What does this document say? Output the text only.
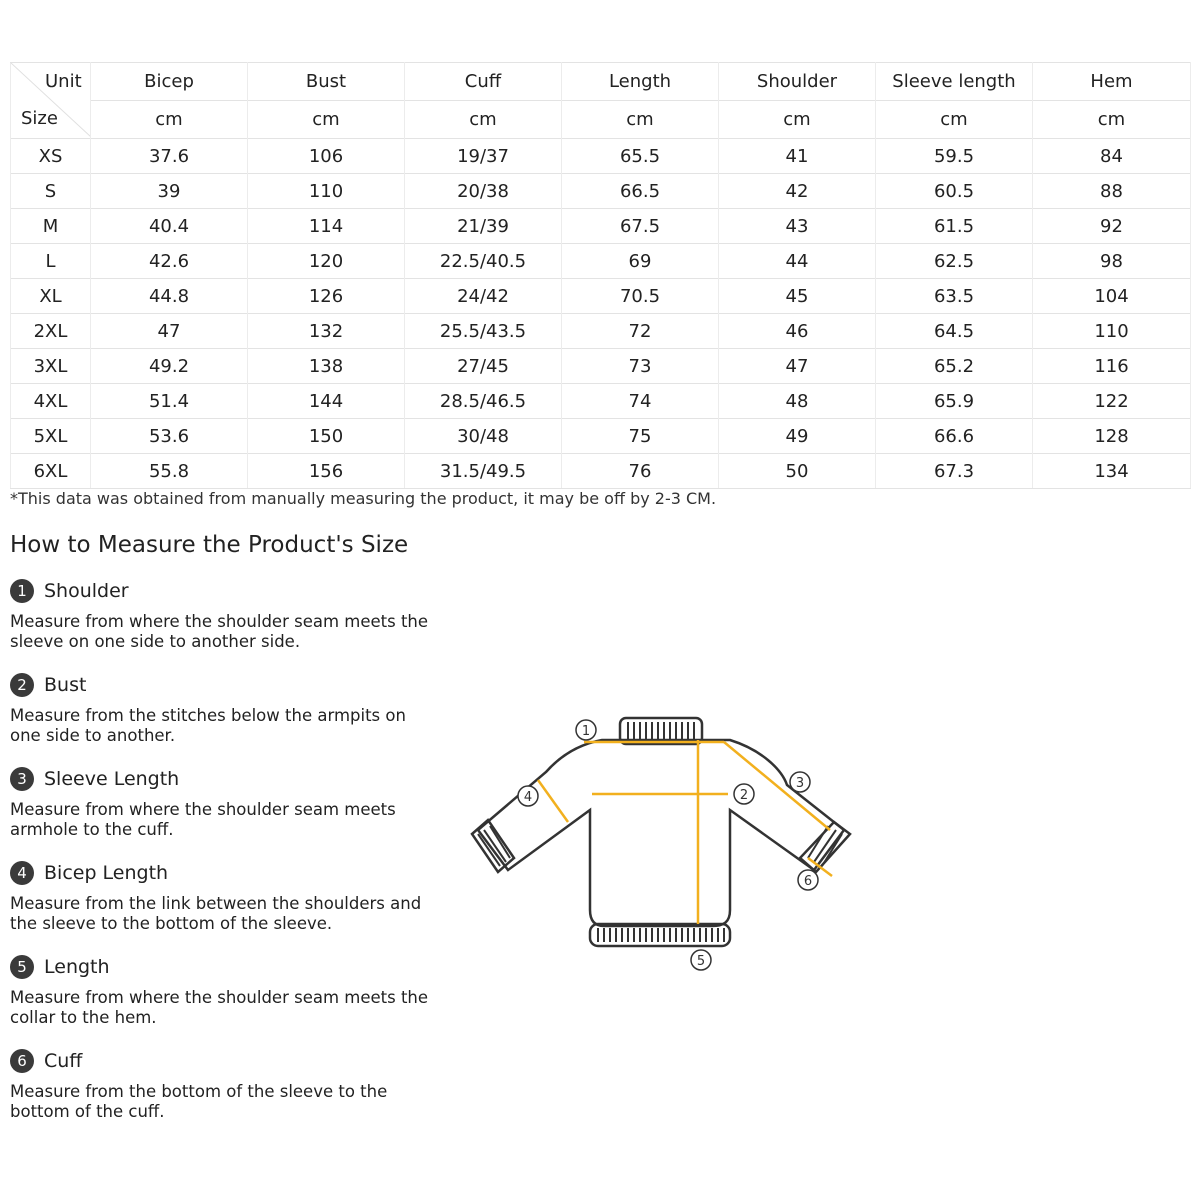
Unit
Size	Bicep	Bust	Cuff	Length	Shoulder	Sleeve length	Hem
	cm	cm	cm	cm	cm	cm	cm
XS	37.6	106	19/37	65.5	41	59.5	84
S	39	110	20/38	66.5	42	60.5	88
M	40.4	114	21/39	67.5	43	61.5	92
L	42.6	120	22.5/40.5	69	44	62.5	98
XL	44.8	126	24/42	70.5	45	63.5	104
2XL	47	132	25.5/43.5	72	46	64.5	110
3XL	49.2	138	27/45	73	47	65.2	116
4XL	51.4	144	28.5/46.5	74	48	65.9	122
5XL	53.6	150	30/48	75	49	66.6	128
6XL	55.8	156	31.5/49.5	76	50	67.3	134
*This data was obtained from manually measuring the product, it may be off by 2-3 CM.
How to Measure the Product's Size
1 Shoulder
Measure from where the shoulder seam meets the sleeve on one side to another side.
2 Bust
Measure from the stitches below the armpits on one side to another.
3 Sleeve Length
Measure from where the shoulder seam meets armhole to the cuff.
4 Bicep Length
Measure from the link between the shoulders and the sleeve to the bottom of the sleeve.
5 Length
Measure from where the shoulder seam meets the collar to the hem.
6 Cuff
Measure from the bottom of the sleeve to the bottom of the cuff.
1
2
3
4
5
6
